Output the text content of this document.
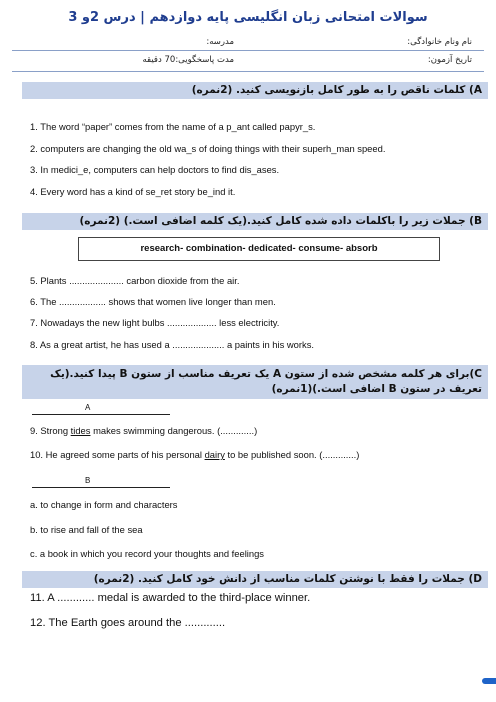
سوالات امتحانی زبان انگلیسی پایه دوازدهم | درس 2و 3
نام ونام خانوادگی:
مدرسه:
تاریخ آزمون:
مدت پاسخگویی:70 دقیقه
A) کلمات ناقص را به طور کامل بازنویسی کنید. (2نمره)
1. The word “paper” comes from the name of a p_ant called papyr_s.
2. computers are changing the old wa_s of doing things with their superh_man speed.
3. In medici_e, computers can help doctors to find dis_ases.
4. Every word has a kind of se_ret story be_ind it.
B) جملات زیر را باکلمات داده شده کامل کنید.(یک کلمه اضافی است.) (2نمره)
research- combination- dedicated- consume- absorb
5. Plants ..................... carbon dioxide from the air.
6. The .................. shows that women live longer than men.
7. Nowadays the new light bulbs ................... less electricity.
8. As a great artist, he has used a .................... a paints in his works.
C)برای هر کلمه مشخص شده از ستون A یک تعریف مناسب از ستون B پیدا کنید.(یک تعریف در ستون B اضافی است.)(1نمره)
A
9. Strong tides makes swimming dangerous. (.............)
10. He agreed some parts of his personal dairy to be published soon. (.............)
B
a. to change in form and characters
b. to rise and fall of the sea
c. a book in which you record your thoughts and feelings
D) جملات را فقط با نوشتن کلمات مناسب از دانش خود کامل کنید. (2نمره)
11. A ............ medal is awarded to the third-place winner.
12. The Earth goes around the .............
